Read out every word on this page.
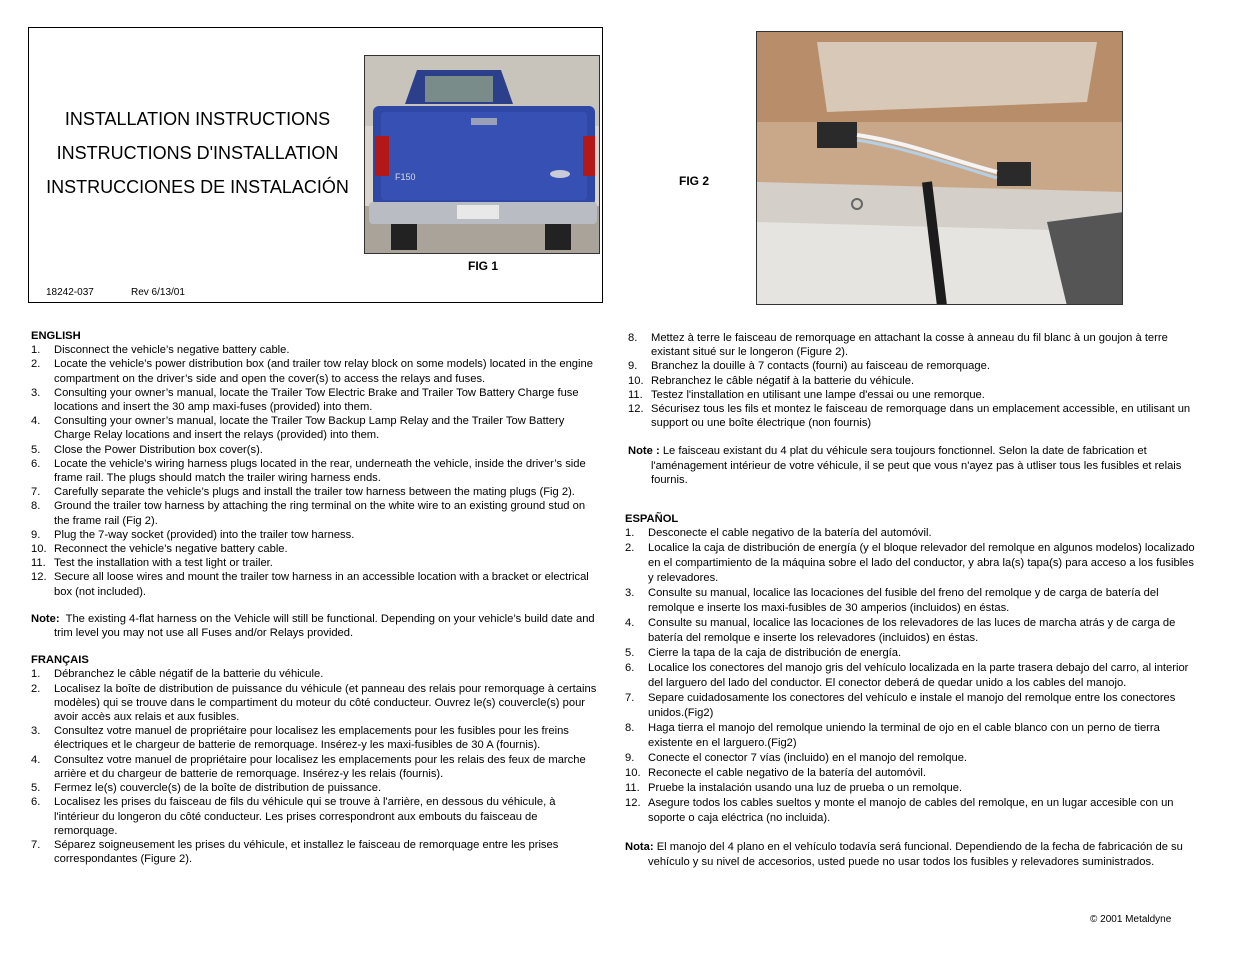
INSTALLATION INSTRUCTIONS
INSTRUCTIONS D'INSTALLATION
INSTRUCCIONES DE INSTALACIÓN
18242-037	Rev 6/13/01
F150
FIG 1
FIG 2
ENGLISH
1. Disconnect the vehicle’s negative battery cable.
2. Locate the vehicle’s power distribution box (and trailer tow relay block on some models) located in the engine compartment on the driver’s side and open the cover(s) to access the relays and fuses.
3. Consulting your owner’s manual, locate the Trailer Tow Electric Brake and Trailer Tow Battery Charge fuse locations and insert the 30 amp maxi-fuses (provided) into them.
4. Consulting your owner’s manual, locate the Trailer Tow Backup Lamp Relay and the Trailer Tow Battery Charge Relay locations and insert the relays (provided) into them.
5. Close the Power Distribution box cover(s).
6. Locate the vehicle’s wiring harness plugs located in the rear, underneath the vehicle, inside the driver’s side frame rail. The plugs should match the trailer wiring harness ends.
7. Carefully separate the vehicle’s plugs and install the trailer tow harness between the mating plugs (Fig 2).
8. Ground the trailer tow harness by attaching the ring terminal on the white wire to an existing ground stud on the frame rail (Fig 2).
9. Plug the 7-way socket (provided) into the trailer tow harness.
10. Reconnect the vehicle’s negative battery cable.
11. Test the installation with a test light or trailer.
12. Secure all loose wires and mount the trailer tow harness in an accessible location with a bracket or electrical box (not included).
Note: The existing 4-flat harness on the Vehicle will still be functional. Depending on your vehicle’s build date and trim level you may not use all Fuses and/or Relays provided.
FRANÇAIS
1. Débranchez le câble négatif de la batterie du véhicule.
2. Localisez la boîte de distribution de puissance du véhicule (et panneau des relais pour remorquage à certains modèles) qui se trouve dans le compartiment du moteur du côté conducteur. Ouvrez le(s) couvercle(s) pour avoir accès aux relais et aux fusibles.
3. Consultez votre manuel de propriétaire pour localisez les emplacements pour les fusibles pour les freins électriques et le chargeur de batterie de remorquage. Insérez-y les maxi-fusibles de 30 A (fournis).
4. Consultez votre manuel de propriétaire pour localisez les emplacements pour les relais des feux de marche arrière et du chargeur de batterie de remorquage. Insérez-y les relais (fournis).
5. Fermez le(s) couvercle(s) de la boîte de distribution de puissance.
6. Localisez les prises du faisceau de fils du véhicule qui se trouve à l'arrière, en dessous du véhicule, à l'intérieur du longeron du côté conducteur. Les prises correspondront aux embouts du faisceau de remorquage.
7. Séparez soigneusement les prises du véhicule, et installez le faisceau de remorquage entre les prises correspondantes (Figure 2).
8. Mettez à terre le faisceau de remorquage en attachant la cosse à anneau du fil blanc à un goujon à terre existant situé sur le longeron (Figure 2).
9. Branchez la douille à 7 contacts (fourni) au faisceau de remorquage.
10. Rebranchez le câble négatif à la batterie du véhicule.
11. Testez l'installation en utilisant une lampe d'essai ou une remorque.
12. Sécurisez tous les fils et montez le faisceau de remorquage dans un emplacement accessible, en utilisant un support ou une boîte électrique (non fournis)
Note : Le faisceau existant du 4 plat du véhicule sera toujours fonctionnel. Selon la date de fabrication et l'aménagement intérieur de votre véhicule, il se peut que vous n'ayez pas à utliser tous les fusibles et relais fournis.
ESPAÑOL
1. Desconecte el cable negativo de la batería del automóvil.
2. Localice la caja de distribución de energía (y el bloque relevador del remolque en algunos modelos) localizado en el compartimiento de la máquina sobre el lado del conductor, y abra la(s) tapa(s) para acceso a los fusibles y relevadores.
3. Consulte su manual, localice las locaciones del fusible del freno del remolque y de carga de batería del remolque e inserte los maxi-fusibles de 30 amperios (incluidos) en éstas.
4. Consulte su manual, localice las locaciones de los relevadores de las luces de marcha atrás y de carga de batería del remolque e inserte los relevadores (incluidos) en éstas.
5. Cierre la tapa de la caja de distribución de energía.
6. Localice los conectores del manojo gris del vehículo localizada en la parte trasera debajo del carro, al interior del larguero del lado del conductor. El conector deberá de quedar unido a los cables del manojo.
7. Separe cuidadosamente los conectores del vehículo e instale el manojo del remolque entre los conectores unidos.(Fig2)
8. Haga tierra el manojo del remolque uniendo la terminal de ojo en el cable blanco con un perno de tierra existente en el larguero.(Fig2)
9. Conecte el conector 7 vías (incluido) en el manojo del remolque.
10. Reconecte el cable negativo de la batería del automóvil.
11. Pruebe la instalación usando una luz de prueba o un remolque.
12. Asegure todos los cables sueltos y monte el manojo de cables del remolque, en un lugar accesible con un soporte o caja eléctrica (no incluida).
Nota: El manojo del 4 plano en el vehículo todavía será funcional. Dependiendo de la fecha de fabricación de su vehículo y su nivel de accesorios, usted puede no usar todos los fusibles y relevadores suministrados.
© 2001 Metaldyne
